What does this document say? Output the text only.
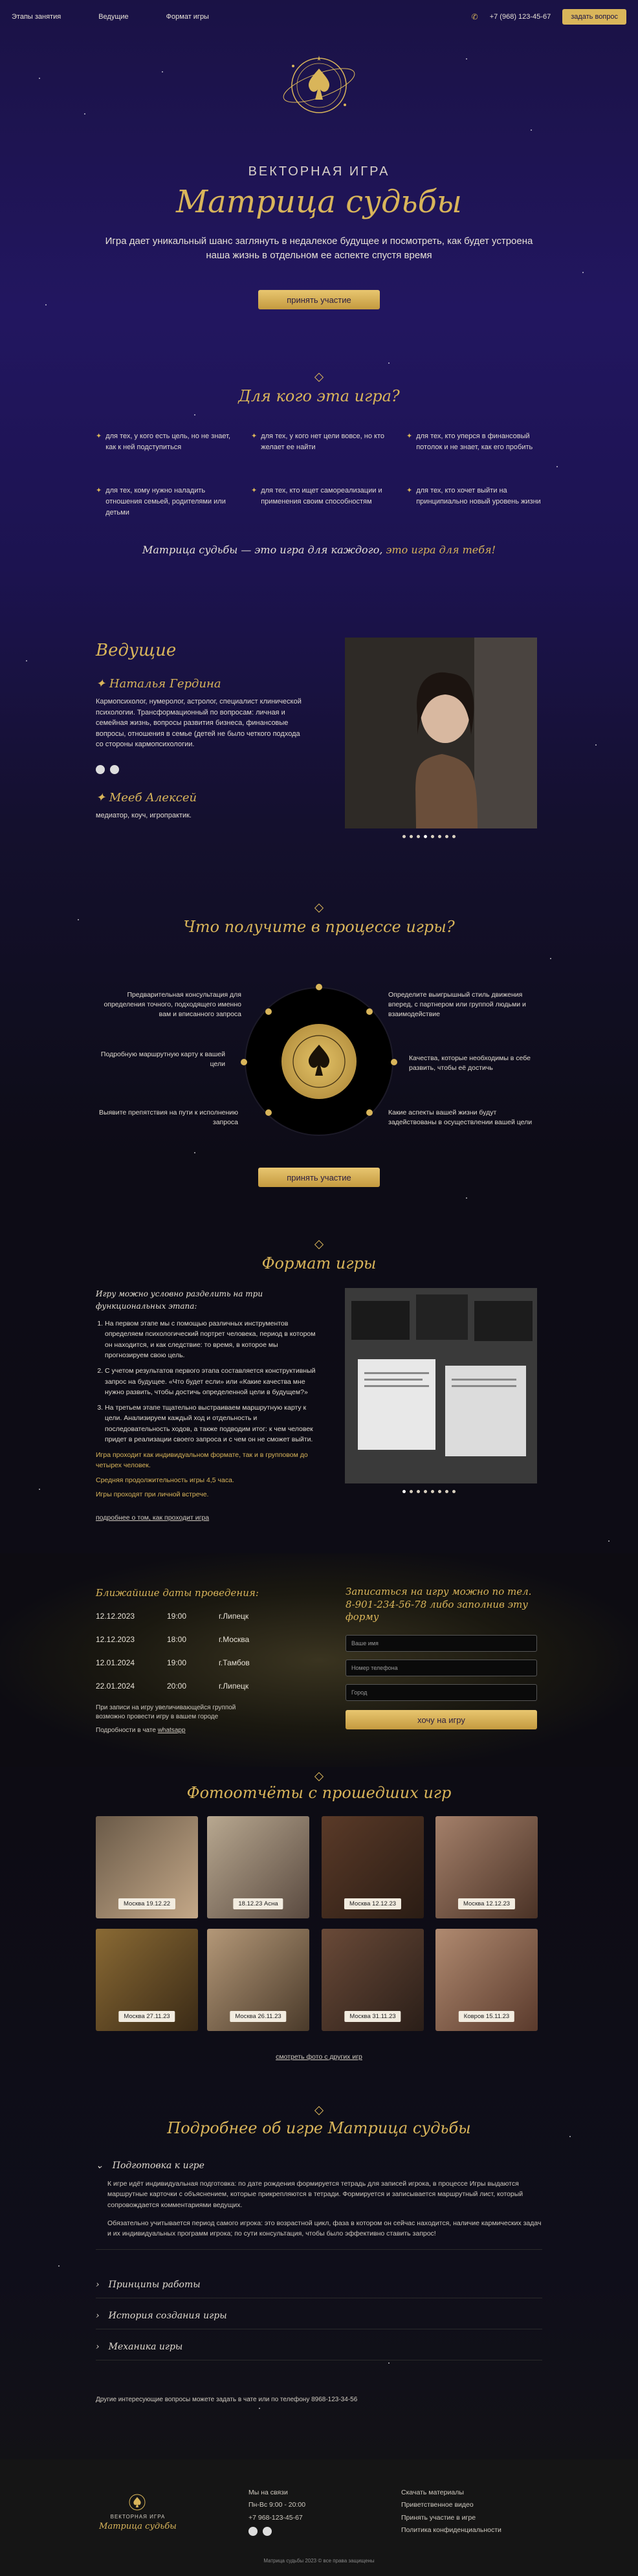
Этапы занятия	Ведущие	Формат игры	✆ +7 (968) 123-45-67	задать вопрос
ВЕКТОРНАЯ ИГРА
Матрица судьбы
Игра дает уникальный шанс заглянуть в недалекое будущее и посмотреть, как будет устроена наша жизнь в отдельном ее аспекте спустя время
принять участие
Для кого эта игра?
✦ для тех, у кого есть цель, но не знает, как к ней подступиться
✦ для тех, у кого нет цели вовсе, но кто желает ее найти
✦ для тех, кто уперся в финансовый потолок и не знает, как его пробить
✦ для тех, кому нужно наладить отношения семьей, родителями или детьми
✦ для тех, кто ищет самореализации и применения своим способностям
✦ для тех, кто хочет выйти на принципиально новый уровень жизни
Матрица судьбы — это игра для каждого, это игра для тебя!
Ведущие
✦ Наталья Гердина
Кармопсихолог, нумеролог, астролог, специалист клинической психологии. Трансформационный по вопросам: личная и семейная жизнь, вопросы развития бизнеса, финансовые вопросы, отношения в семье (детей не было четкого подхода со стороны кармопсихологии.
✦ Мееб Алексей
медиатор, коуч, игропрактик.
Что получите в процессе игры?
Предварительная консультация для определения точного, подходящего именно вам и вписанного запроса
Определите выигрышный стиль движения вперед, с партнером или группой людьми и взаимодействие
Подробную маршрутную карту к вашей цели
Качества, которые необходимы в себе развить, чтобы её достичь
Выявите препятствия на пути к исполнению запроса
Какие аспекты вашей жизни будут задействованы в осуществлении вашей цели
принять участие
Формат игры

Игру можно условно разделить на три функциональных этапа:

1. На первом этапе мы с помощью различных инструментов определяем психологический портрет человека, период в котором он находится, и как следствие: то время, в которое мы прогнозируем свою цель.
2. С учетом результатов первого этапа составляется конструктивный запрос на будущее. «Что будет если» или «Какие качества мне нужно развить, чтобы достичь определенной цели в будущем?»
3. На третьем этапе тщательно выстраиваем маршрутную карту к цели. Анализируем каждый ход и отдельность и последовательность ходов, а также подводим итог: к чем человек придет в реализации своего запроса и с чем он не сможет выйти.

Игра проходит как индивидуальном формате, так и в групповом до четырех человек.

Средняя продолжительность игры 4,5 часа.

Игры проходят при личной встрече.

подробнее о том, как проходит игра

Ближайшие даты проведения:
12.12.2023	19:00	г.Липецк
12.12.2023	18:00	г.Москва
12.01.2024	19:00	г.Тамбов
22.01.2024	20:00	г.Липецк
При записи на игру увеличивающейся группой возможно провести игру в вашем городе
Подробности в чате whatsapp
Записаться на игру можно по тел. 8-901-234-56-78 либо заполнив эту форму
Ваше имя
Номер телефона
Город
хочу на игру
Фотоотчёты с прошедших игр
Москва 19.12.22	18.12.23 Асна	Москва 12.12.23	Москва 12.12.23
Москва 27.11.23	Москва 26.11.23	Москва 31.11.23	Ковров 15.11.23
смотреть фото с других игр
Подробнее об игре Матрица судьбы
⌄ Подготовка к игре

К игре идёт индивидуальная подготовка: по дате рождения формируется тетрадь для записей игрока, в процессе Игры выдаются маршрутные карточки с объяснением, которые прикрепляются в тетради. Формируется и записывается маршрутный лист, который сопровождается комментариями ведущих.

Обязательно учитывается период самого игрока: это возрастной цикл, фаза в котором он сейчас находится, наличие кармических задач и их индивидуальных программ игрока; по сути консультация, чтобы было эффективно ставить запрос!

› Принципы работы
› История создания игры
› Механика игры
Другие интересующие вопросы можете задать в чате или по телефону 8968-123-34-56
ВЕКТОРНАЯ ИГРА
Матрица судьбы
Мы на связи
Пн-Вс 9:00 - 20:00
+7 968-123-45-67
Скачать материалы
Приветственное видео
Принять участие в игре
Политика конфиденциальности
Матрица судьбы 2023 © все права защищены
